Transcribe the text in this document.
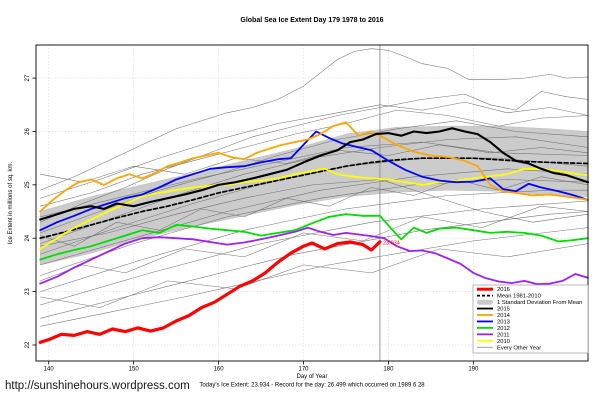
23.934
140	150	160	170	180	190
22
23
24
25
26
27
2016
Mean 1981-2010
1 Standard Deviation From Mean
2015
2014
2013
2012
2011
2010
Every Other Year
Global Sea Ice Extent Day 179 1978 to 2016
Ice Extent in millions of sq. km.
Day of Year
Today's Ice Extent: 23.934 - Record for the day: 26.499 which occurred on 1989 6 28
http://sunshinehours.wordpress.com
